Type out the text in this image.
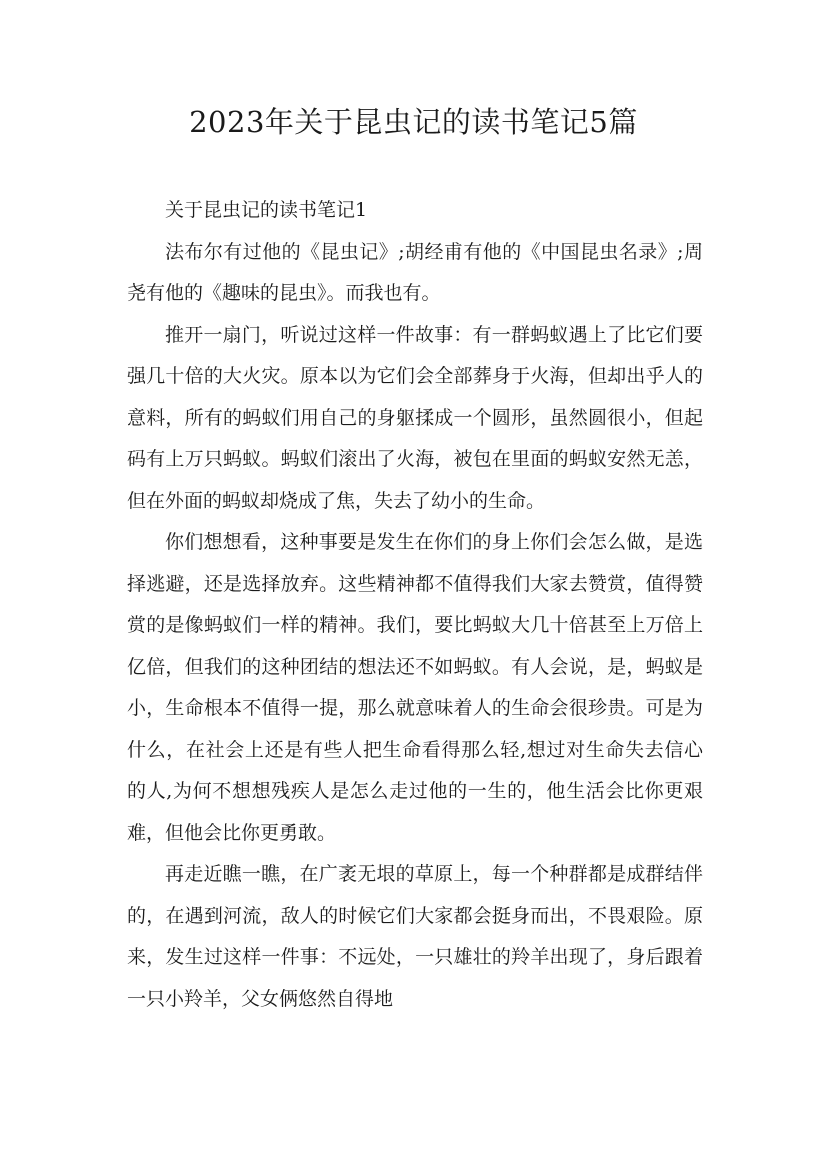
2023年关于昆虫记的读书笔记5篇

关于昆虫记的读书笔记1

法布尔有过他的《昆虫记》;胡经甫有他的《中国昆虫名录》;周尧有他的《趣味的昆虫》。而我也有。

推开一扇门，听说过这样一件故事：有一群蚂蚁遇上了比它们要强几十倍的大火灾。原本以为它们会全部葬身于火海，但却出乎人的意料，所有的蚂蚁们用自己的身躯揉成一个圆形，虽然圆很小，但起码有上万只蚂蚁。蚂蚁们滚出了火海，被包在里面的蚂蚁安然无恙，但在外面的蚂蚁却烧成了焦，失去了幼小的生命。

你们想想看，这种事要是发生在你们的身上你们会怎么做，是选择逃避，还是选择放弃。这些精神都不值得我们大家去赞赏，值得赞赏的是像蚂蚁们一样的精神。我们，要比蚂蚁大几十倍甚至上万倍上亿倍，但我们的这种团结的想法还不如蚂蚁。有人会说，是，蚂蚁是小，生命根本不值得一提，那么就意味着人的生命会很珍贵。可是为什么，在社会上还是有些人把生命看得那么轻,想过对生命失去信心的人,为何不想想残疾人是怎么走过他的一生的，他生活会比你更艰难，但他会比你更勇敢。

再走近瞧一瞧，在广袤无垠的草原上，每一个种群都是成群结伴的，在遇到河流，敌人的时候它们大家都会挺身而出，不畏艰险。原来，发生过这样一件事：不远处，一只雄壮的羚羊出现了，身后跟着一只小羚羊，父女俩悠然自得地
